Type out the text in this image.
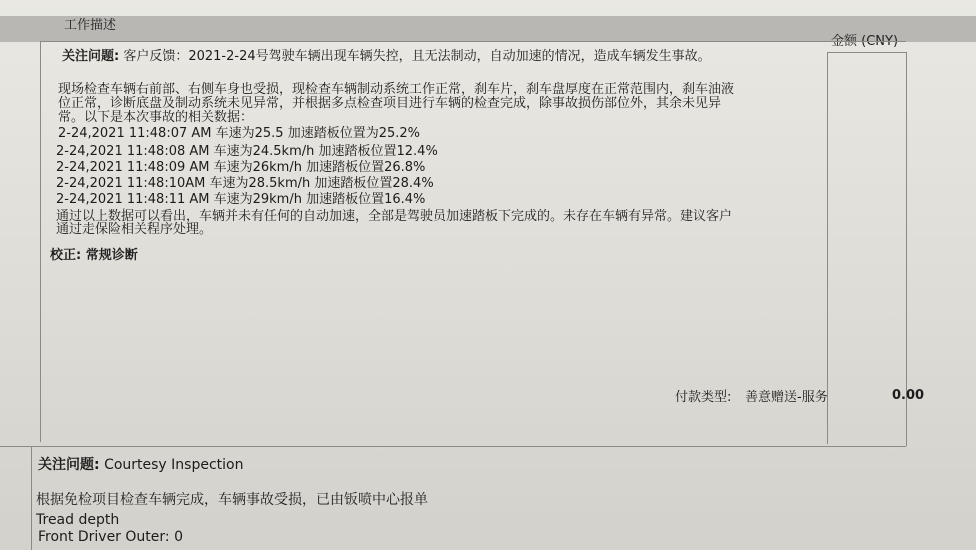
工作描述
金额 (CNY)
关注问题: 客户反馈：2021-2-24号驾驶车辆出现车辆失控，且无法制动，自动加速的情况，造成车辆发生事故。
现场检查车辆右前部、右侧车身也受损，现检查车辆制动系统工作正常，刹车片，刹车盘厚度在正常范围内，刹车油液
位正常，诊断底盘及制动系统未见异常，并根据多点检查项目进行车辆的检查完成，除事故损伤部位外，其余未见异
常。以下是本次事故的相关数据：
2-24,2021 11:48:07 AM 车速为25.5 加速踏板位置为25.2%
2-24,2021 11:48:08 AM 车速为24.5km/h 加速踏板位置12.4%
2-24,2021 11:48:09 AM 车速为26km/h 加速踏板位置26.8%
2-24,2021 11:48:10AM 车速为28.5km/h 加速踏板位置28.4%
2-24,2021 11:48:11 AM 车速为29km/h 加速踏板位置16.4%
通过以上数据可以看出，车辆并未有任何的自动加速，全部是驾驶员加速踏板下完成的。未存在车辆有异常。建议客户
通过走保险相关程序处理。
校正: 常规诊断
付款类型: 善意赠送-服务	0.00
关注问题: Courtesy Inspection
根据免检项目检查车辆完成，车辆事故受损，已由钣喷中心报单
Tread depth
Front Driver Outer: 0
